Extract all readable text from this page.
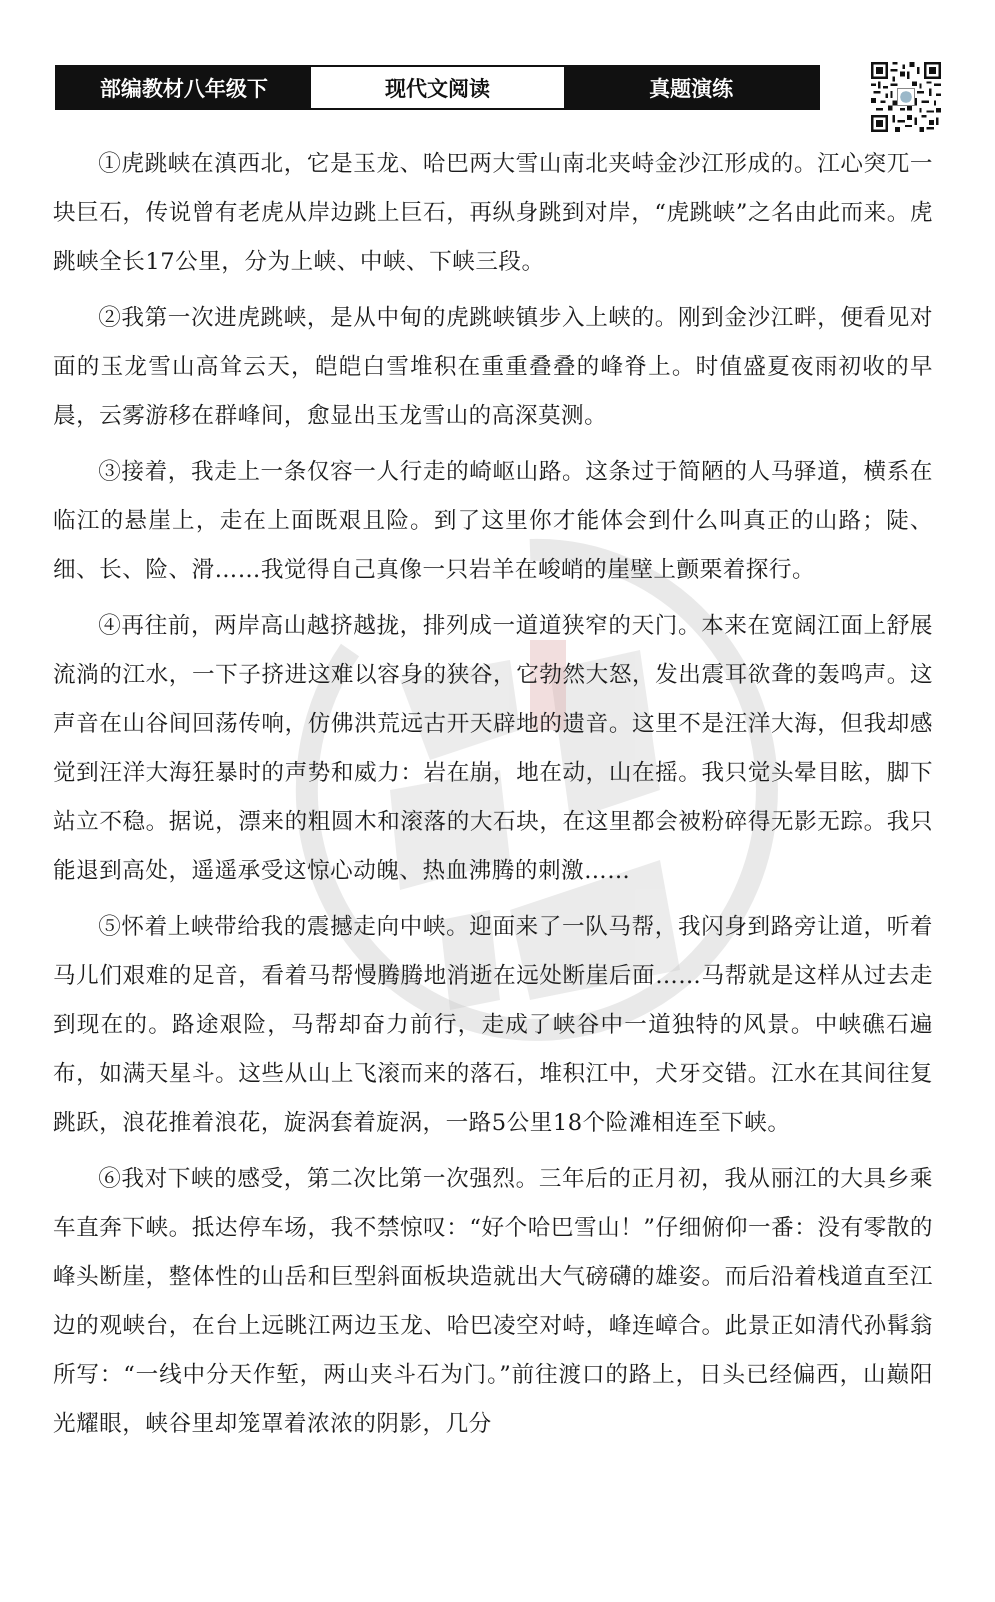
部编教材八年级下	现代文阅读	真题演练

①虎跳峡在滇西北，它是玉龙、哈巴两大雪山南北夹峙金沙江形成的。江心突兀一块巨石，传说曾有老虎从岸边跳上巨石，再纵身跳到对岸，“虎跳峡”之名由此而来。虎跳峡全长17公里，分为上峡、中峡、下峡三段。

②我第一次进虎跳峡，是从中甸的虎跳峡镇步入上峡的。刚到金沙江畔，便看见对面的玉龙雪山高耸云天，皑皑白雪堆积在重重叠叠的峰脊上。时值盛夏夜雨初收的早晨，云雾游移在群峰间，愈显出玉龙雪山的高深莫测。

③接着，我走上一条仅容一人行走的崎岖山路。这条过于简陋的人马驿道，横系在临江的悬崖上，走在上面既艰且险。到了这里你才能体会到什么叫真正的山路；陡、细、长、险、滑……我觉得自己真像一只岩羊在峻峭的崖壁上颤栗着探行。

④再往前，两岸高山越挤越拢，排列成一道道狭窄的天门。本来在宽阔江面上舒展流淌的江水，一下子挤进这难以容身的狭谷，它勃然大怒，发出震耳欲聋的轰鸣声。这声音在山谷间回荡传响，仿佛洪荒远古开天辟地的遗音。这里不是汪洋大海，但我却感觉到汪洋大海狂暴时的声势和威力：岩在崩，地在动，山在摇。我只觉头晕目眩，脚下站立不稳。据说，漂来的粗圆木和滚落的大石块，在这里都会被粉碎得无影无踪。我只能退到高处，遥遥承受这惊心动魄、热血沸腾的刺激……

⑤怀着上峡带给我的震撼走向中峡。迎面来了一队马帮，我闪身到路旁让道，听着马儿们艰难的足音，看着马帮慢腾腾地消逝在远处断崖后面……马帮就是这样从过去走到现在的。路途艰险，马帮却奋力前行，走成了峡谷中一道独特的风景。中峡礁石遍布，如满天星斗。这些从山上飞滚而来的落石，堆积江中，犬牙交错。江水在其间往复跳跃，浪花推着浪花，旋涡套着旋涡，一路5公里18个险滩相连至下峡。

⑥我对下峡的感受，第二次比第一次强烈。三年后的正月初，我从丽江的大具乡乘车直奔下峡。抵达停车场，我不禁惊叹：“好个哈巴雪山！”仔细俯仰一番：没有零散的峰头断崖，整体性的山岳和巨型斜面板块造就出大气磅礴的雄姿。而后沿着栈道直至江边的观峡台，在台上远眺江两边玉龙、哈巴凌空对峙，峰连嶂合。此景正如清代孙髯翁所写：“一线中分天作堑，两山夹斗石为门。”前往渡口的路上，日头已经偏西，山巅阳光耀眼，峡谷里却笼罩着浓浓的阴影，几分
